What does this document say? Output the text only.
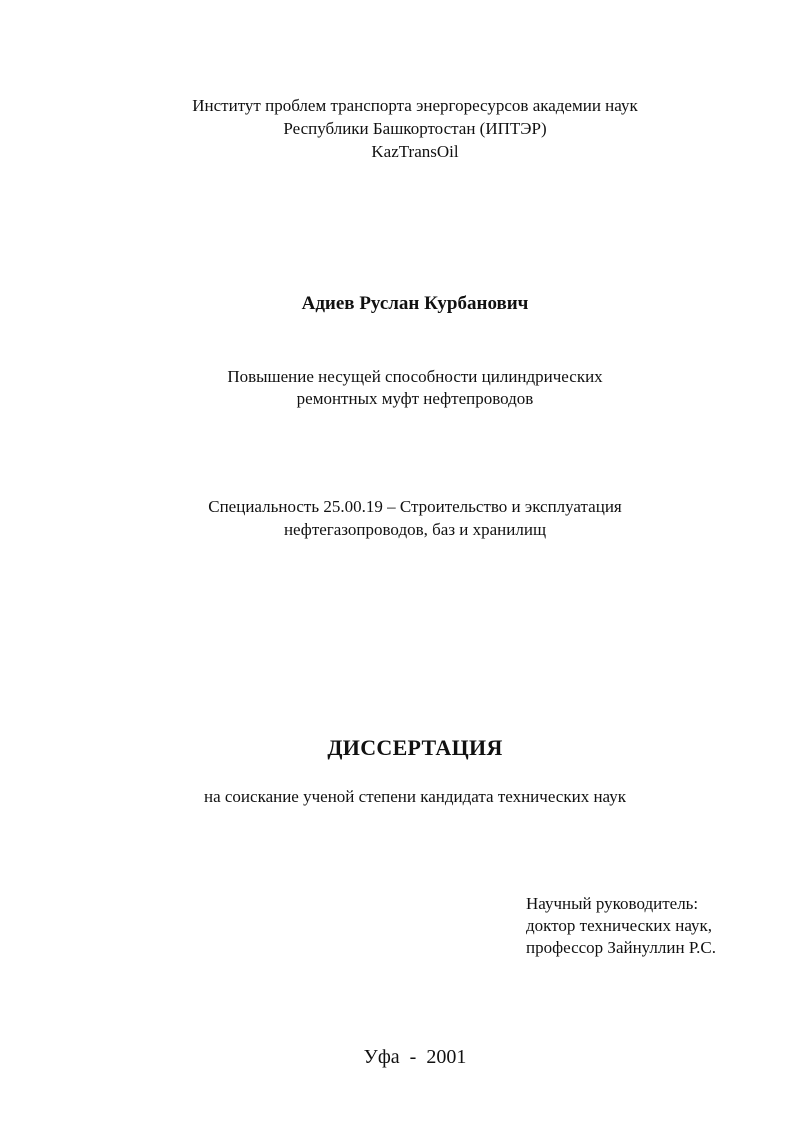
Институт проблем транспорта энергоресурсов академии наук
Республики Башкортостан (ИПТЭР)
KazTransOil
Адиев Руслан Курбанович
Повышение несущей способности цилиндрических
ремонтных муфт нефтепроводов
Специальность 25.00.19 – Строительство и эксплуатация
нефтегазопроводов, баз и хранилищ
ДИССЕРТАЦИЯ
на соискание ученой степени кандидата технических наук
Научный руководитель:
доктор технических наук,
профессор Зайнуллин Р.С.
Уфа  -  2001
